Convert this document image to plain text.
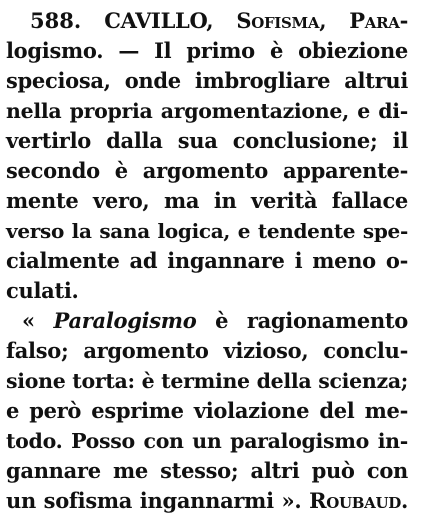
588. CAVILLO, Sofisma, Para-
logismo. — Il primo è obiezione
speciosa, onde imbrogliare altrui
nella propria argomentazione, e di-
vertirlo dalla sua conclusione; il
secondo è argomento apparente-
mente vero, ma in verità fallace
verso la sana logica, e tendente spe-
cialmente ad ingannare i meno o-
culati.
« Paralogismo è ragionamento
falso; argomento vizioso, conclu-
sione torta: è termine della scienza;
e però esprime violazione del me-
todo. Posso con un paralogismo in-
gannare me stesso; altri può con
un sofisma ingannarmi ». Roubaud.
